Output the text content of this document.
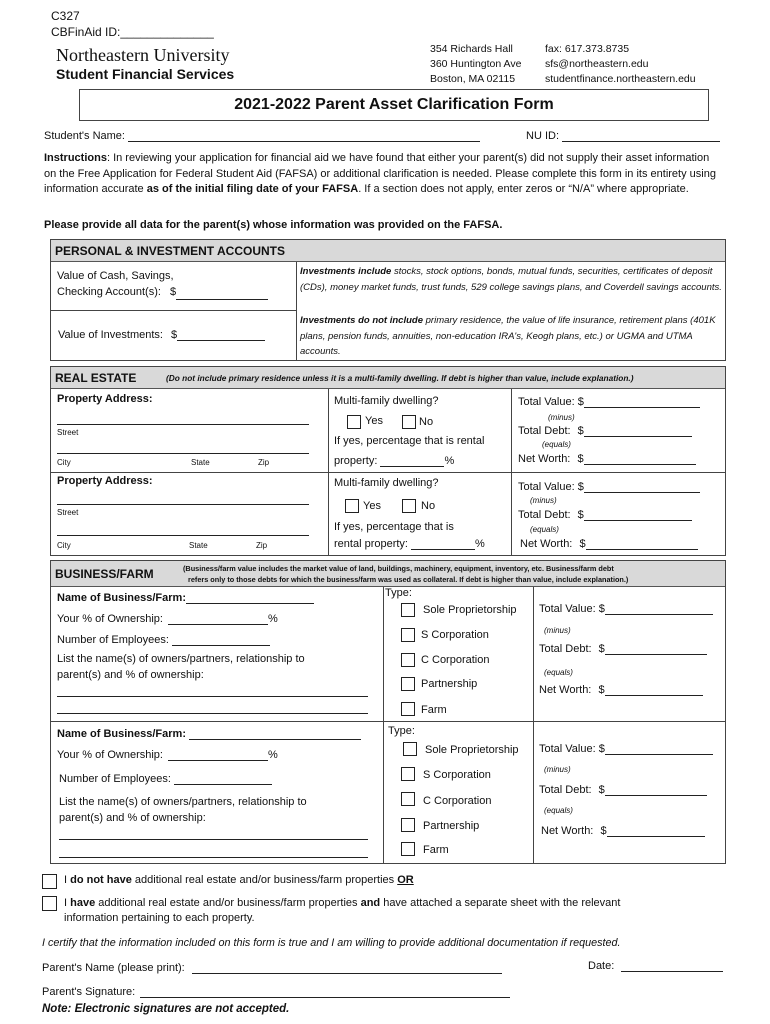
C327
CBFinAid ID:______________
Northeastern University
Student Financial Services
354 Richards Hall
360 Huntington Ave
Boston, MA 02115
fax: 617.373.8735
sfs@northeastern.edu
studentfinance.northeastern.edu
2021-2022 Parent Asset Clarification Form
Student's Name:	NU ID:
Instructions: In reviewing your application for financial aid we have found that either your parent(s) did not supply their asset information on the Free Application for Federal Student Aid (FAFSA) or additional clarification is needed. Please complete this form in its entirety using information accurate as of the initial filing date of your FAFSA. If a section does not apply, enter zeros or “N/A” where appropriate.
Please provide all data for the parent(s) whose information was provided on the FAFSA.
PERSONAL & INVESTMENT ACCOUNTS
Value of Cash, Savings,
Checking Account(s): $
Value of Investments: $
Investments include stocks, stock options, bonds, mutual funds, securities, certificates of deposit (CDs), money market funds, trust funds, 529 college savings plans, and Coverdell savings accounts.
Investments do not include primary residence, the value of life insurance, retirement plans (401K plans, pension funds, annuities, non-education IRA's, Keogh plans, etc.) or UGMA and UTMA accounts.
REAL ESTATE	(Do not include primary residence unless it is a multi-family dwelling. If debt is higher than value, include explanation.)
Property Address:
Street
City	State	Zip
Multi-family dwelling?
Yes	No
If yes, percentage that is rental
property:	%
Total Value: $
(minus)
Total Debt: $
(equals)
Net Worth: $
Property Address:
Street
City	State	Zip
Multi-family dwelling?
Yes	No
If yes, percentage that is
rental property:	%
Total Value: $
(minus)
Total Debt: $
(equals)
Net Worth: $
BUSINESS/FARM	(Business/farm value includes the market value of land, buildings, machinery, equipment, inventory, etc. Business/farm debt
refers only to those debts for which the business/farm was used as collateral. If debt is higher than value, include explanation.)
Name of Business/Farm:
Your % of Ownership:	%
Number of Employees:
List the name(s) of owners/partners, relationship to
parent(s) and % of ownership:
Type:
Sole Proprietorship
S Corporation
C Corporation
Partnership
Farm
Total Value: $
(minus)
Total Debt: $
(equals)
Net Worth: $
Name of Business/Farm:
Your % of Ownership:	%
Number of Employees:
List the name(s) of owners/partners, relationship to
parent(s) and % of ownership:
Type:
Sole Proprietorship
S Corporation
C Corporation
Partnership
Farm
Total Value: $
(minus)
Total Debt: $
(equals)
Net Worth: $
I do not have additional real estate and/or business/farm properties OR
I have additional real estate and/or business/farm properties and have attached a separate sheet with the relevant
information pertaining to each property.
I certify that the information included on this form is true and I am willing to provide additional documentation if requested.
Parent's Name (please print):	Date:
Parent's Signature:
Note: Electronic signatures are not accepted.
